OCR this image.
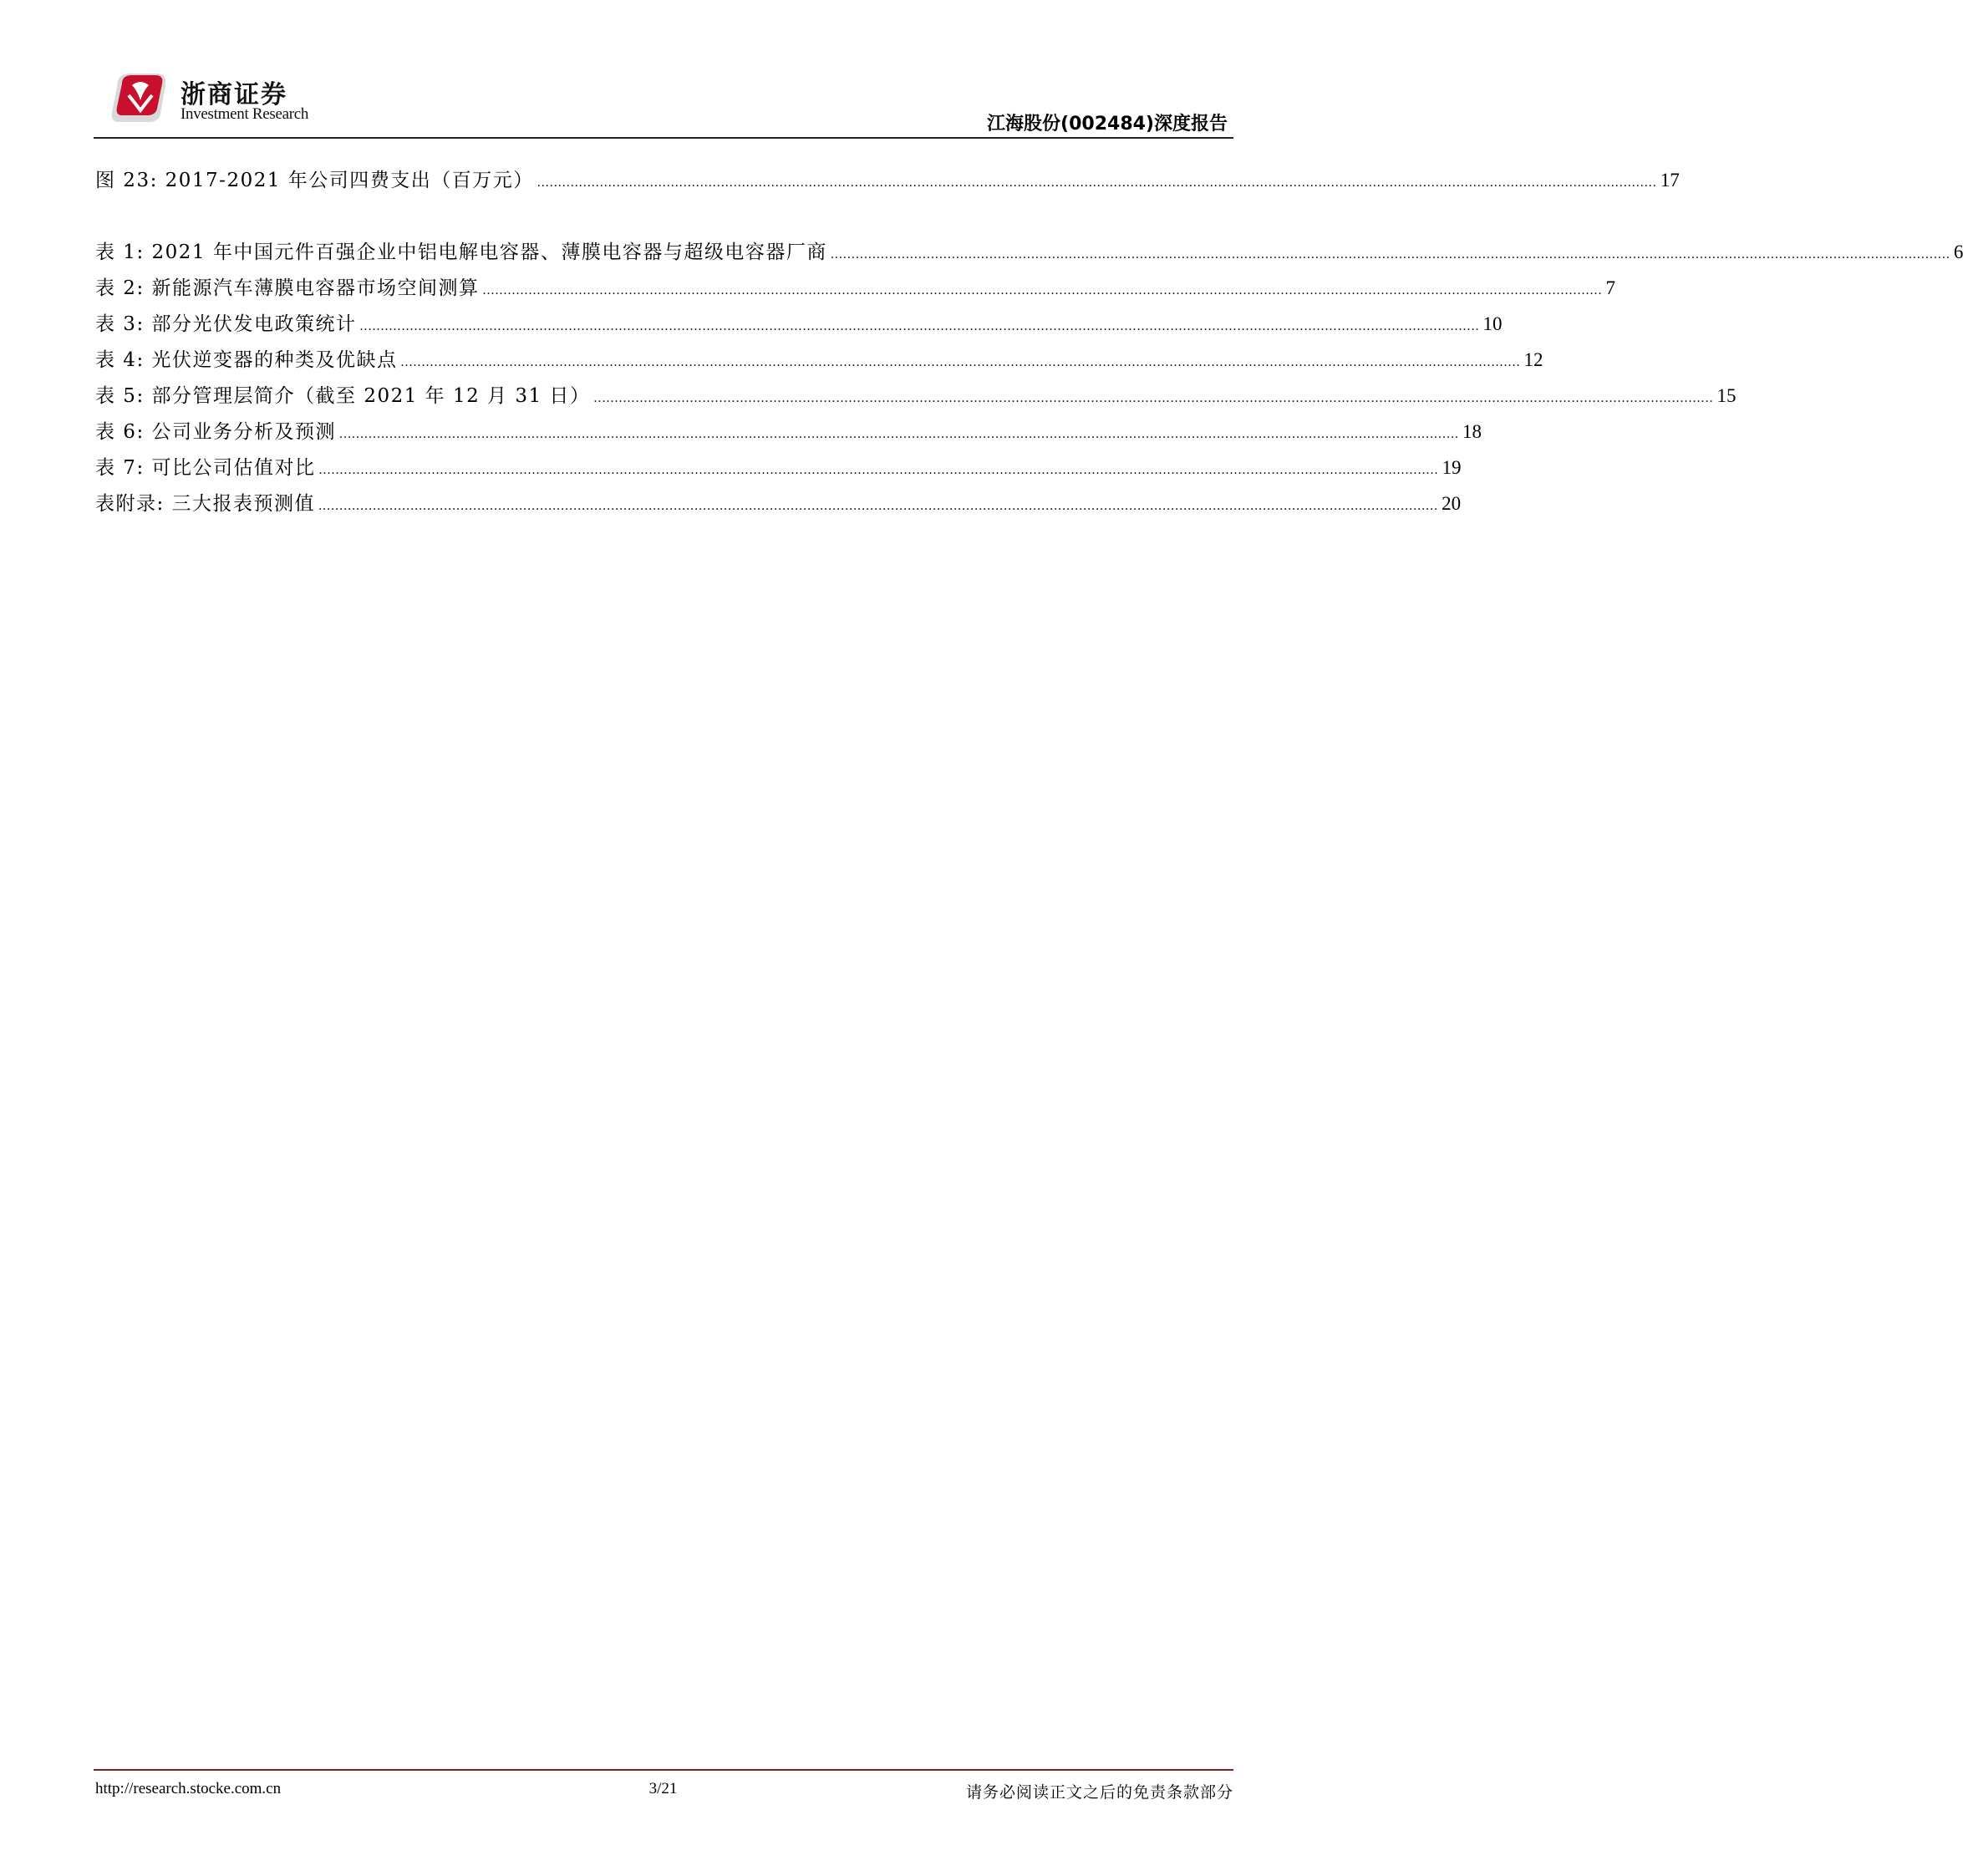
浙商证券
Investment Research	江海股份(002484)深度报告
图 23: 2017-2021 年公司四费支出（百万元） ............................................................................................................................................................................................................................................................................ 17
表 1: 2021 年中国元件百强企业中铝电解电容器、薄膜电容器与超级电容器厂商 ............................................................................................................................................................................................................................................................................ 6
表 2: 新能源汽车薄膜电容器市场空间测算 ............................................................................................................................................................................................................................................................................ 7
表 3: 部分光伏发电政策统计 ............................................................................................................................................................................................................................................................................ 10
表 4: 光伏逆变器的种类及优缺点 ............................................................................................................................................................................................................................................................................ 12
表 5: 部分管理层简介（截至 2021 年 12 月 31 日） ............................................................................................................................................................................................................................................................................ 15
表 6: 公司业务分析及预测 ............................................................................................................................................................................................................................................................................ 18
表 7: 可比公司估值对比 ............................................................................................................................................................................................................................................................................ 19
表附录: 三大报表预测值 ............................................................................................................................................................................................................................................................................ 20
http://research.stocke.com.cn	3/21	请务必阅读正文之后的免责条款部分
